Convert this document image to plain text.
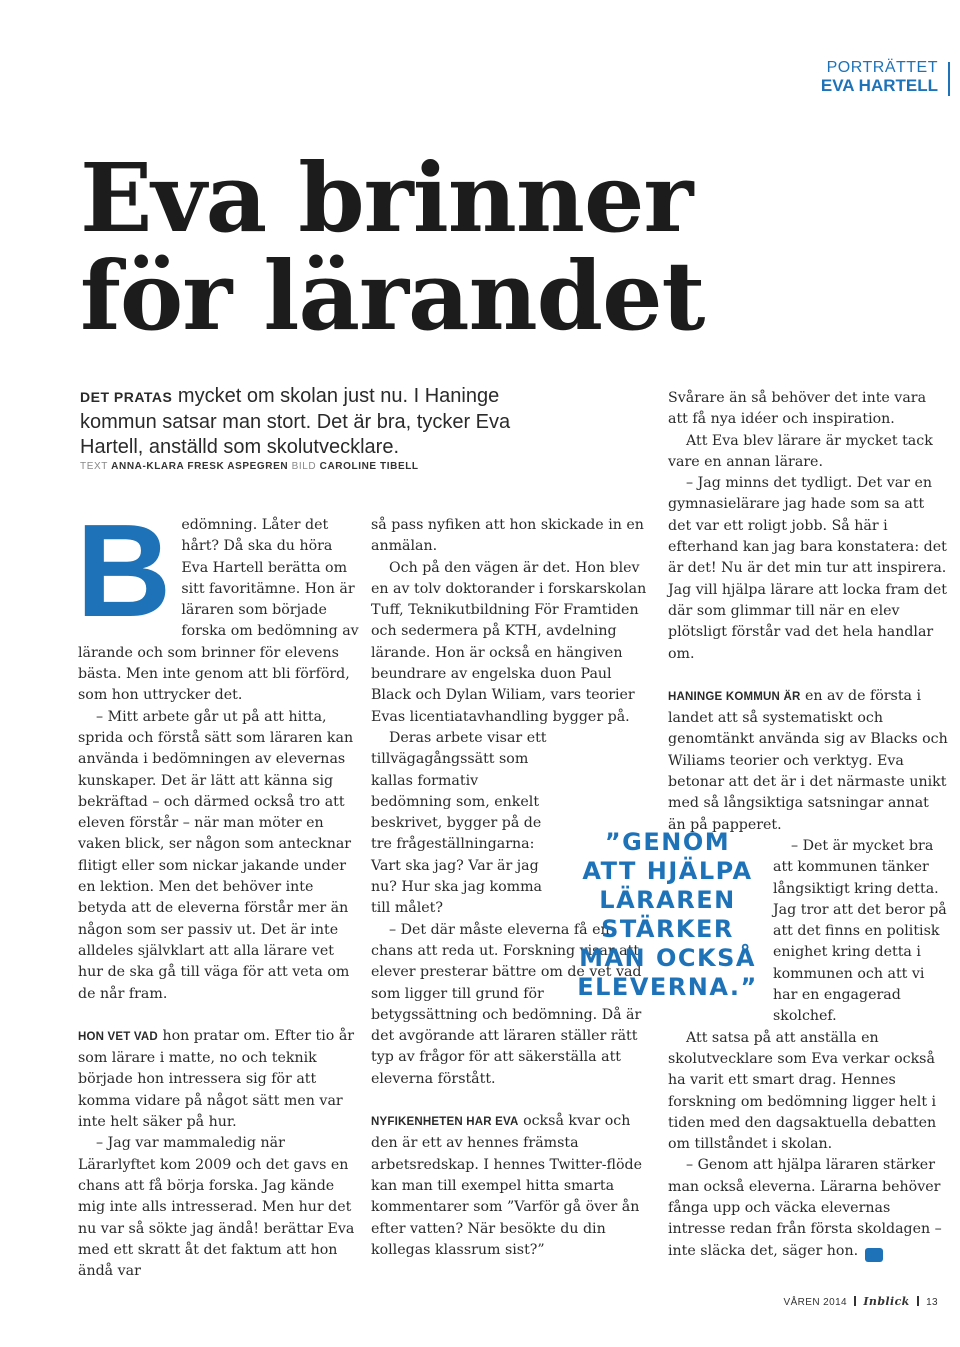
PORTRÄTTET
EVA HARTELL
Eva brinner
för lärandet
DET PRATAS mycket om skolan just nu. I Haninge kommun satsar man stort. Det är bra, tycker Eva Hartell, anställd som skolutvecklare.
TEXT ANNA-KLARA FRESK ASPEGREN BILD CAROLINE TIBELL

Bedömning. Låter det hårt? Då ska du höra Eva Hartell berätta om sitt favoritämne. Hon är läraren som började forska om bedömning av lärande och som brinner för elevens bästa. Men inte genom att bli förförd, som hon uttrycker det.

– Mitt arbete går ut på att hitta, sprida och förstå sätt som läraren kan använda i bedömningen av elevernas kunskaper. Det är lätt att känna sig bekräftad – och därmed också tro att eleven förstår – när man möter en vaken blick, ser någon som antecknar flitigt eller som nickar jakande under en lektion. Men det behöver inte betyda att de eleverna förstår mer än någon som ser passiv ut. Det är inte alldeles självklart att alla lärare vet hur de ska gå till väga för att veta om de når fram.

HON VET VAD hon pratar om. Efter tio år som lärare i matte, no och teknik började hon intressera sig för att komma vidare på något sätt men var inte helt säker på hur.

– Jag var mammaledig när Lärarlyftet kom 2009 och det gavs en chans att få börja forska. Jag kände mig inte alls intresserad. Men hur det nu var så sökte jag ändå! berättar Eva med ett skratt åt det faktum att hon ändå var

så pass nyfiken att hon skickade in en anmälan.

Och på den vägen är det. Hon blev en av tolv doktorander i forskarskolan Tuff, Teknikutbildning För Framtiden och sedermera på KTH, avdelning lärande. Hon är också en hängiven beundrare av engelska duon Paul Black och Dylan Wiliam, vars teorier Evas licentiatavhandling bygger på.

Deras arbete visar ett tillvägagångssätt som kallas formativ bedömning som, enkelt beskrivet, bygger på de tre frågeställningarna: Vart ska jag? Var är jag nu? Hur ska jag komma till målet?

– Det där måste eleverna få en chans att reda ut. Forskning visar att elever presterar bättre om de vet vad som ligger till grund för betygssättning och bedömning. Då är det avgörande att läraren ställer rätt typ av frågor för att säkerställa att eleverna förstått.

NYFIKENHETEN HAR EVA också kvar och den är ett av hennes främsta arbetsredskap. I hennes Twitter-flöde kan man till exempel hitta smarta kommentarer som ”Varför gå över ån efter vatten? När besökte du din kollegas klassrum sist?”

”GENOM
ATT HJÄLPA
LÄRAREN
STÄRKER
MAN OCKSÅ
ELEVERNA.”

Svårare än så behöver det inte vara att få nya idéer och inspiration.

Att Eva blev lärare är mycket tack vare en annan lärare.

– Jag minns det tydligt. Det var en gymnasielärare jag hade som sa att det var ett roligt jobb. Så här i efterhand kan jag bara konstatera: det är det! Nu är det min tur att inspirera. Jag vill hjälpa lärare att locka fram det där som glimmar till när en elev plötsligt förstår vad det hela handlar om.

HANINGE KOMMUN ÄR en av de första i landet att så systematiskt och genomtänkt använda sig av Blacks och Wiliams teorier och verktyg. Eva betonar att det är i det närmaste unikt med så långsiktiga satsningar annat än på papperet.

– Det är mycket bra att kommunen tänker långsiktigt kring detta. Jag tror att det beror på att det finns en politisk enighet kring detta i kommunen och att vi har en engagerad skolchef.

Att satsa på att anställa en skolutvecklare som Eva verkar också ha varit ett smart drag. Hennes forskning om bedömning ligger helt i tiden med den dagsaktuella debatten om tillståndet i skolan.

– Genom att hjälpa läraren stärker man också eleverna. Lärarna behöver fånga upp och väcka elevernas intresse redan från första skoldagen – inte släcka det, säger hon. in

VÅREN 2014 Inblick 13
